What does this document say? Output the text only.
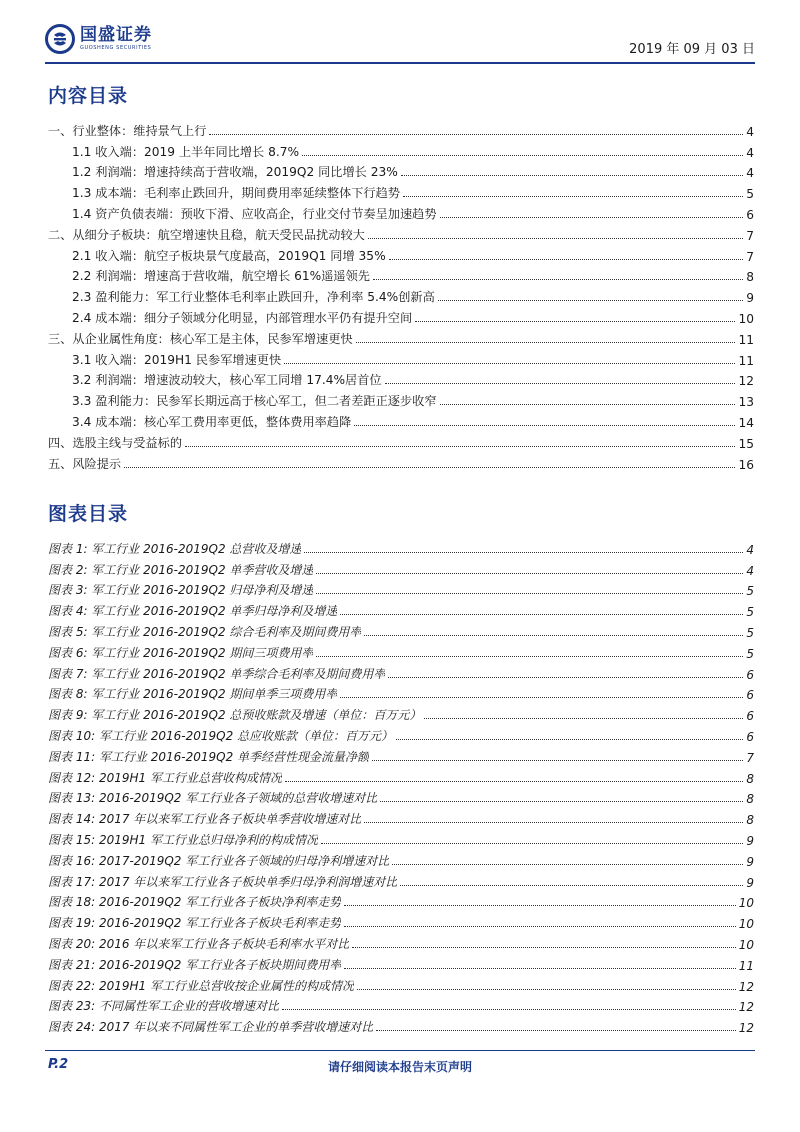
国盛证券
GUOSHENG SECURITIES	2019 年 09 月 03 日
内容目录
一、行业整体：维持景气上行	4
1.1 收入端：2019 上半年同比增长 8.7%	4
1.2 利润端：增速持续高于营收端，2019Q2 同比增长 23%	4
1.3 成本端：毛利率止跌回升，期间费用率延续整体下行趋势	5
1.4 资产负债表端：预收下滑、应收高企，行业交付节奏呈加速趋势	6
二、从细分子板块：航空增速快且稳，航天受民品扰动较大	7
2.1 收入端：航空子板块景气度最高，2019Q1 同增 35%	7
2.2 利润端：增速高于营收端，航空增长 61%遥遥领先	8
2.3 盈利能力：军工行业整体毛利率止跌回升，净利率 5.4%创新高	9
2.4 成本端：细分子领域分化明显，内部管理水平仍有提升空间	10
三、从企业属性角度：核心军工是主体，民参军增速更快	11
3.1 收入端：2019H1 民参军增速更快	11
3.2 利润端：增速波动较大，核心军工同增 17.4%居首位	12
3.3 盈利能力：民参军长期远高于核心军工，但二者差距正逐步收窄	13
3.4 成本端：核心军工费用率更低，整体费用率趋降	14
四、选股主线与受益标的	15
五、风险提示	16
图表目录
图表 1: 军工行业 2016-2019Q2 总营收及增速	4
图表 2: 军工行业 2016-2019Q2 单季营收及增速	4
图表 3: 军工行业 2016-2019Q2 归母净利及增速	5
图表 4: 军工行业 2016-2019Q2 单季归母净利及增速	5
图表 5: 军工行业 2016-2019Q2 综合毛利率及期间费用率	5
图表 6: 军工行业 2016-2019Q2 期间三项费用率	5
图表 7: 军工行业 2016-2019Q2 单季综合毛利率及期间费用率	6
图表 8: 军工行业 2016-2019Q2 期间单季三项费用率	6
图表 9: 军工行业 2016-2019Q2 总预收账款及增速（单位：百万元）	6
图表 10: 军工行业 2016-2019Q2 总应收账款（单位：百万元）	6
图表 11: 军工行业 2016-2019Q2 单季经营性现金流量净额	7
图表 12: 2019H1 军工行业总营收构成情况	8
图表 13: 2016-2019Q2 军工行业各子领域的总营收增速对比	8
图表 14: 2017 年以来军工行业各子板块单季营收增速对比	8
图表 15: 2019H1 军工行业总归母净利的构成情况	9
图表 16: 2017-2019Q2 军工行业各子领域的归母净利增速对比	9
图表 17: 2017 年以来军工行业各子板块单季归母净利润增速对比	9
图表 18: 2016-2019Q2 军工行业各子板块净利率走势	10
图表 19: 2016-2019Q2 军工行业各子板块毛利率走势	10
图表 20: 2016 年以来军工行业各子板块毛利率水平对比	10
图表 21: 2016-2019Q2 军工行业各子板块期间费用率	11
图表 22: 2019H1 军工行业总营收按企业属性的构成情况	12
图表 23: 不同属性军工企业的营收增速对比	12
图表 24: 2017 年以来不同属性军工企业的单季营收增速对比	12
P.2	请仔细阅读本报告末页声明
